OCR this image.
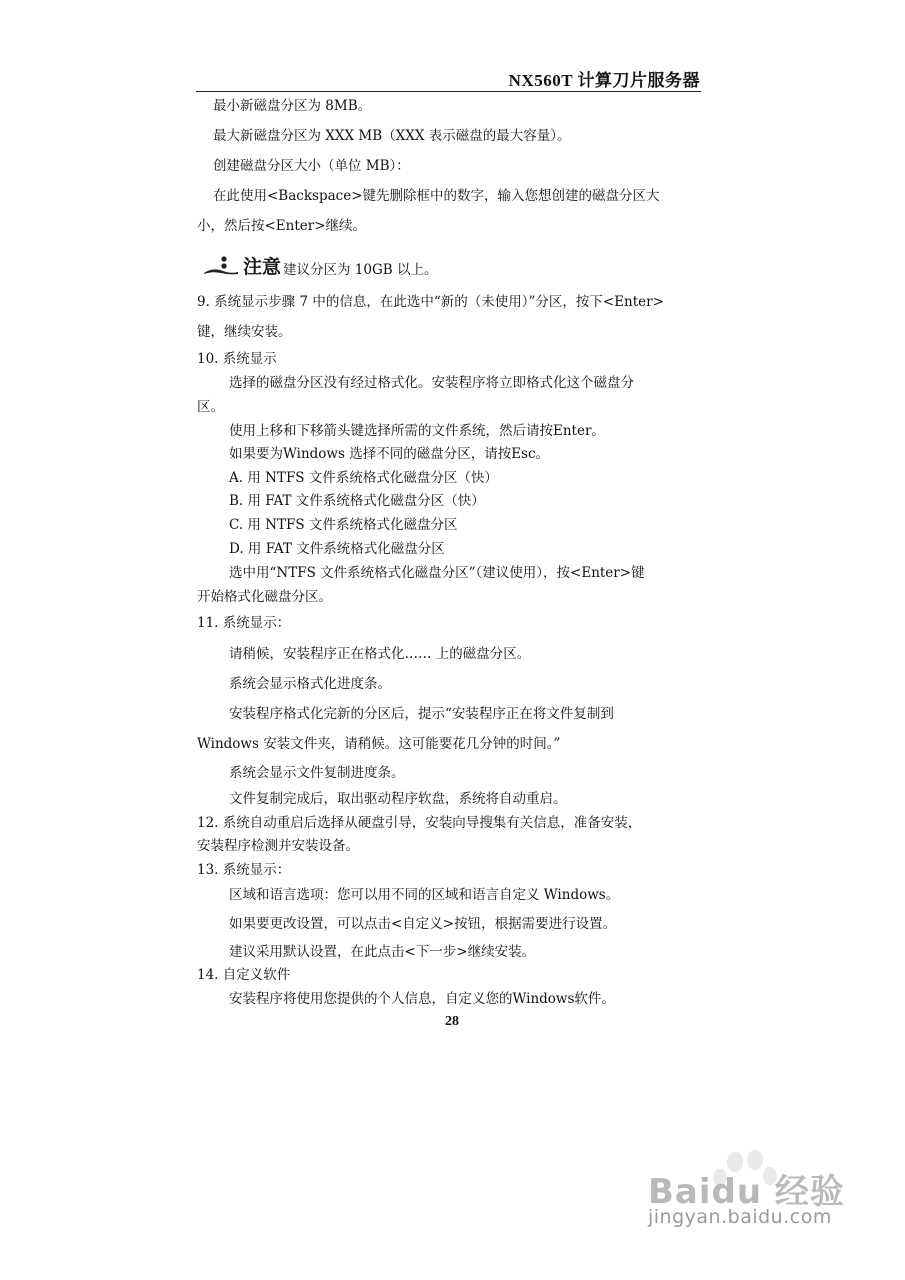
NX560T 计算刀片服务器
最小新磁盘分区为 8MB。
最大新磁盘分区为 XXX MB（XXX 表示磁盘的最大容量）。
创建磁盘分区大小（单位 MB）：
在此使用<Backspace>键先删除框中的数字，输入您想创建的磁盘分区大
小，然后按<Enter>继续。
注意 建议分区为 10GB 以上。
9. 系统显示步骤 7 中的信息，在此选中“新的（未使用）”分区，按下<Enter>
键，继续安装。
10. 系统显示
选择的磁盘分区没有经过格式化。安装程序将立即格式化这个磁盘分
区。
使用上移和下移箭头键选择所需的文件系统，然后请按Enter。
如果要为Windows 选择不同的磁盘分区，请按Esc。
A. 用 NTFS 文件系统格式化磁盘分区（快）
B. 用 FAT 文件系统格式化磁盘分区（快）
C. 用 NTFS 文件系统格式化磁盘分区
D. 用 FAT 文件系统格式化磁盘分区
选中用“NTFS 文件系统格式化磁盘分区”（建议使用），按<Enter>键
开始格式化磁盘分区。
11. 系统显示：
请稍候，安装程序正在格式化…… 上的磁盘分区。
系统会显示格式化进度条。
安装程序格式化完新的分区后，提示“安装程序正在将文件复制到
Windows 安装文件夹，请稍候。这可能要花几分钟的时间。”
系统会显示文件复制进度条。
文件复制完成后，取出驱动程序软盘，系统将自动重启。
12. 系统自动重启后选择从硬盘引导，安装向导搜集有关信息，准备安装，
安装程序检测并安装设备。
13. 系统显示：
区域和语言选项：您可以用不同的区域和语言自定义 Windows。
如果要更改设置，可以点击<自定义>按钮，根据需要进行设置。
建议采用默认设置，在此点击<下一步>继续安装。
14. 自定义软件
安装程序将使用您提供的个人信息，自定义您的Windows软件。
28
Baidu 经验
jingyan.baidu.com
